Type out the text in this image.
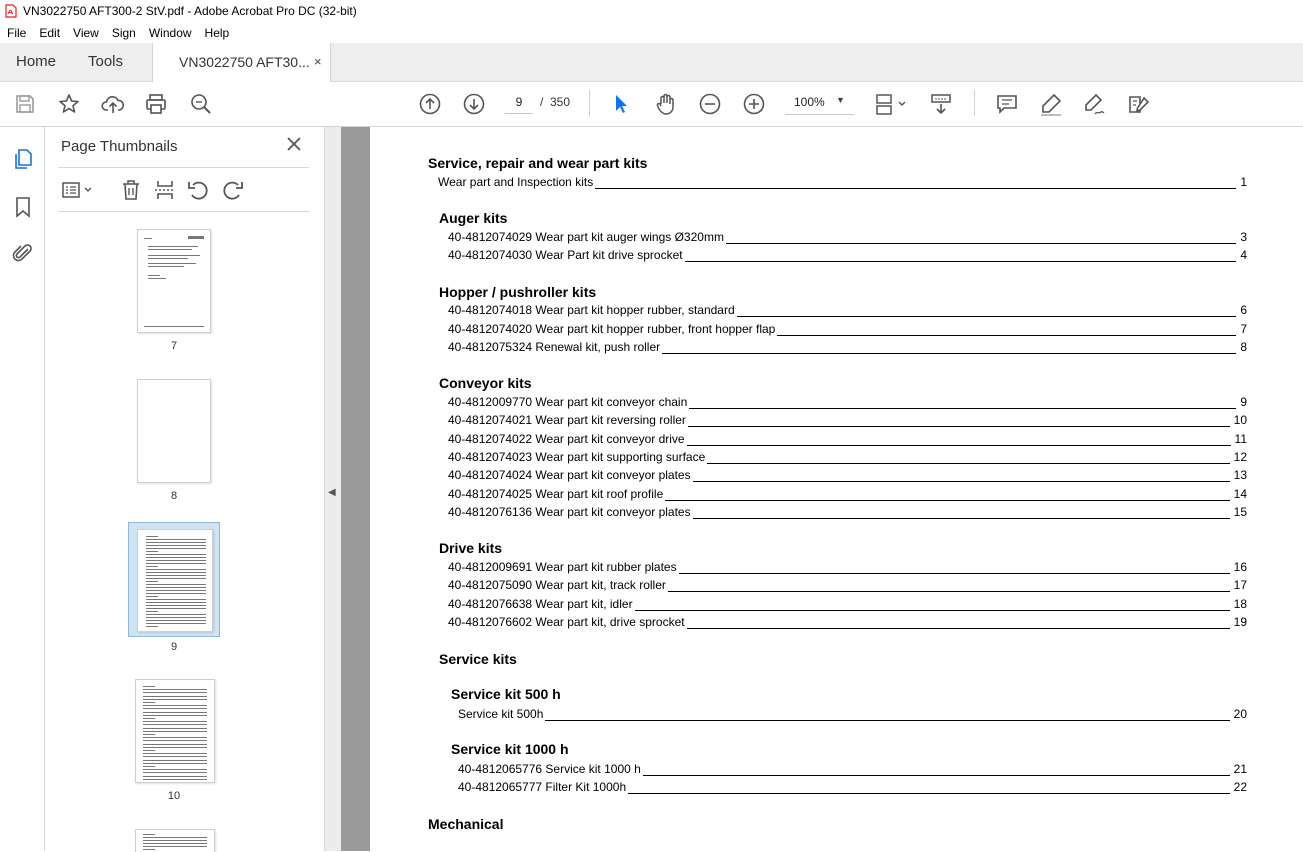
VN3022750 AFT300-2 StV.pdf - Adobe Acrobat Pro DC (32-bit)
File	Edit	View	Sign	Window	Help
Home Tools	VN3022750 AFT30... ×
9
/ 350	100% ▼
Page Thumbnails
7
8
9
10
◀
Service, repair and wear part kits
Wear part and Inspection kits	1
Auger kits
40-4812074029 Wear part kit auger wings Ø320mm	3
40-4812074030 Wear Part kit drive sprocket	4
Hopper / pushroller kits
40-4812074018 Wear part kit hopper rubber, standard	6
40-4812074020 Wear part kit hopper rubber, front hopper flap	7
40-4812075324 Renewal kit, push roller	8
Conveyor kits
40-4812009770 Wear part kit conveyor chain	9
40-4812074021 Wear part kit reversing roller	10
40-4812074022 Wear part kit conveyor drive	11
40-4812074023 Wear part kit supporting surface	12
40-4812074024 Wear part kit conveyor plates	13
40-4812074025 Wear part kit roof profile	14
40-4812076136 Wear part kit conveyor plates	15
Drive kits
40-4812009691 Wear part kit rubber plates	16
40-4812075090 Wear part kit, track roller	17
40-4812076638 Wear part kit, idler	18
40-4812076602 Wear part kit, drive sprocket	19
Service kits
Service kit 500 h
Service kit 500h	20
Service kit 1000 h
40-4812065776 Service kit 1000 h	21
40-4812065777 Filter Kit 1000h	22
Mechanical
